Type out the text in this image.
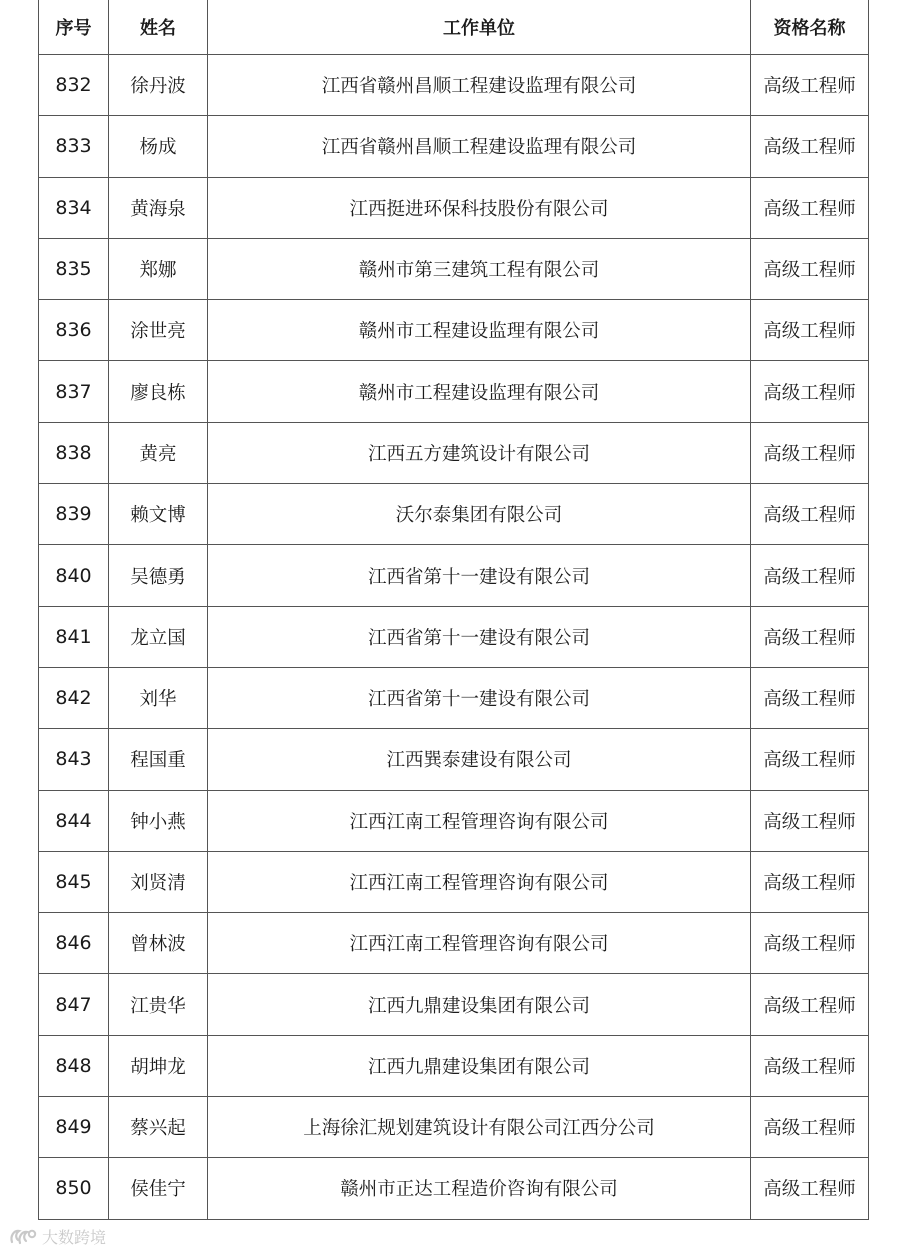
序号	姓名	工作单位	资格名称
832	徐丹波	江西省赣州昌顺工程建设监理有限公司	高级工程师
833	杨成	江西省赣州昌顺工程建设监理有限公司	高级工程师
834	黄海泉	江西挺进环保科技股份有限公司	高级工程师
835	郑娜	赣州市第三建筑工程有限公司	高级工程师
836	涂世亮	赣州市工程建设监理有限公司	高级工程师
837	廖良栋	赣州市工程建设监理有限公司	高级工程师
838	黄亮	江西五方建筑设计有限公司	高级工程师
839	赖文博	沃尔泰集团有限公司	高级工程师
840	吴德勇	江西省第十一建设有限公司	高级工程师
841	龙立国	江西省第十一建设有限公司	高级工程师
842	刘华	江西省第十一建设有限公司	高级工程师
843	程国重	江西巽泰建设有限公司	高级工程师
844	钟小燕	江西江南工程管理咨询有限公司	高级工程师
845	刘贤清	江西江南工程管理咨询有限公司	高级工程师
846	曾林波	江西江南工程管理咨询有限公司	高级工程师
847	江贵华	江西九鼎建设集团有限公司	高级工程师
848	胡坤龙	江西九鼎建设集团有限公司	高级工程师
849	蔡兴起	上海徐汇规划建筑设计有限公司江西分公司	高级工程师
850	侯佳宁	赣州市正达工程造价咨询有限公司	高级工程师
大数跨境
